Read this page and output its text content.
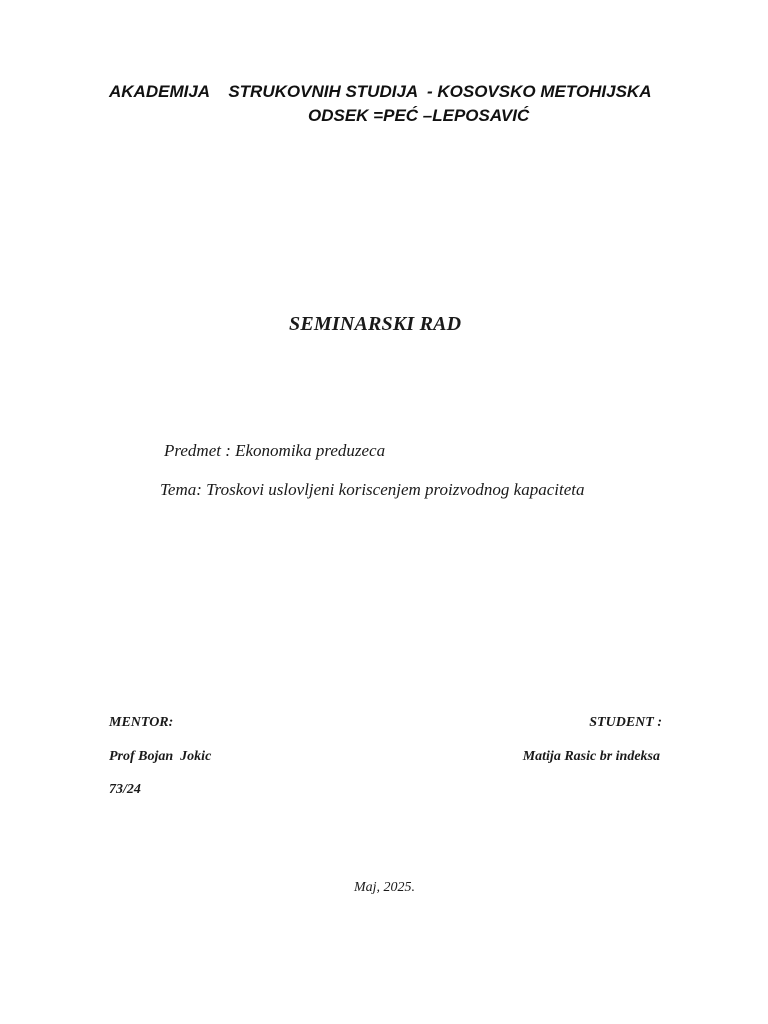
AKADEMIJA    STRUKOVNIH STUDIJA  - KOSOVSKO METOHIJSKA
ODSEK =PEĆ –LEPOSAVIĆ
SEMINARSKI RAD
Predmet : Ekonomika preduzeca
Tema: Troskovi uslovljeni koriscenjem proizvodnog kapaciteta
MENTOR:	STUDENT :
Prof Bojan  Jokic	Matija Rasic br indeksa
73/24
Maj, 2025.
